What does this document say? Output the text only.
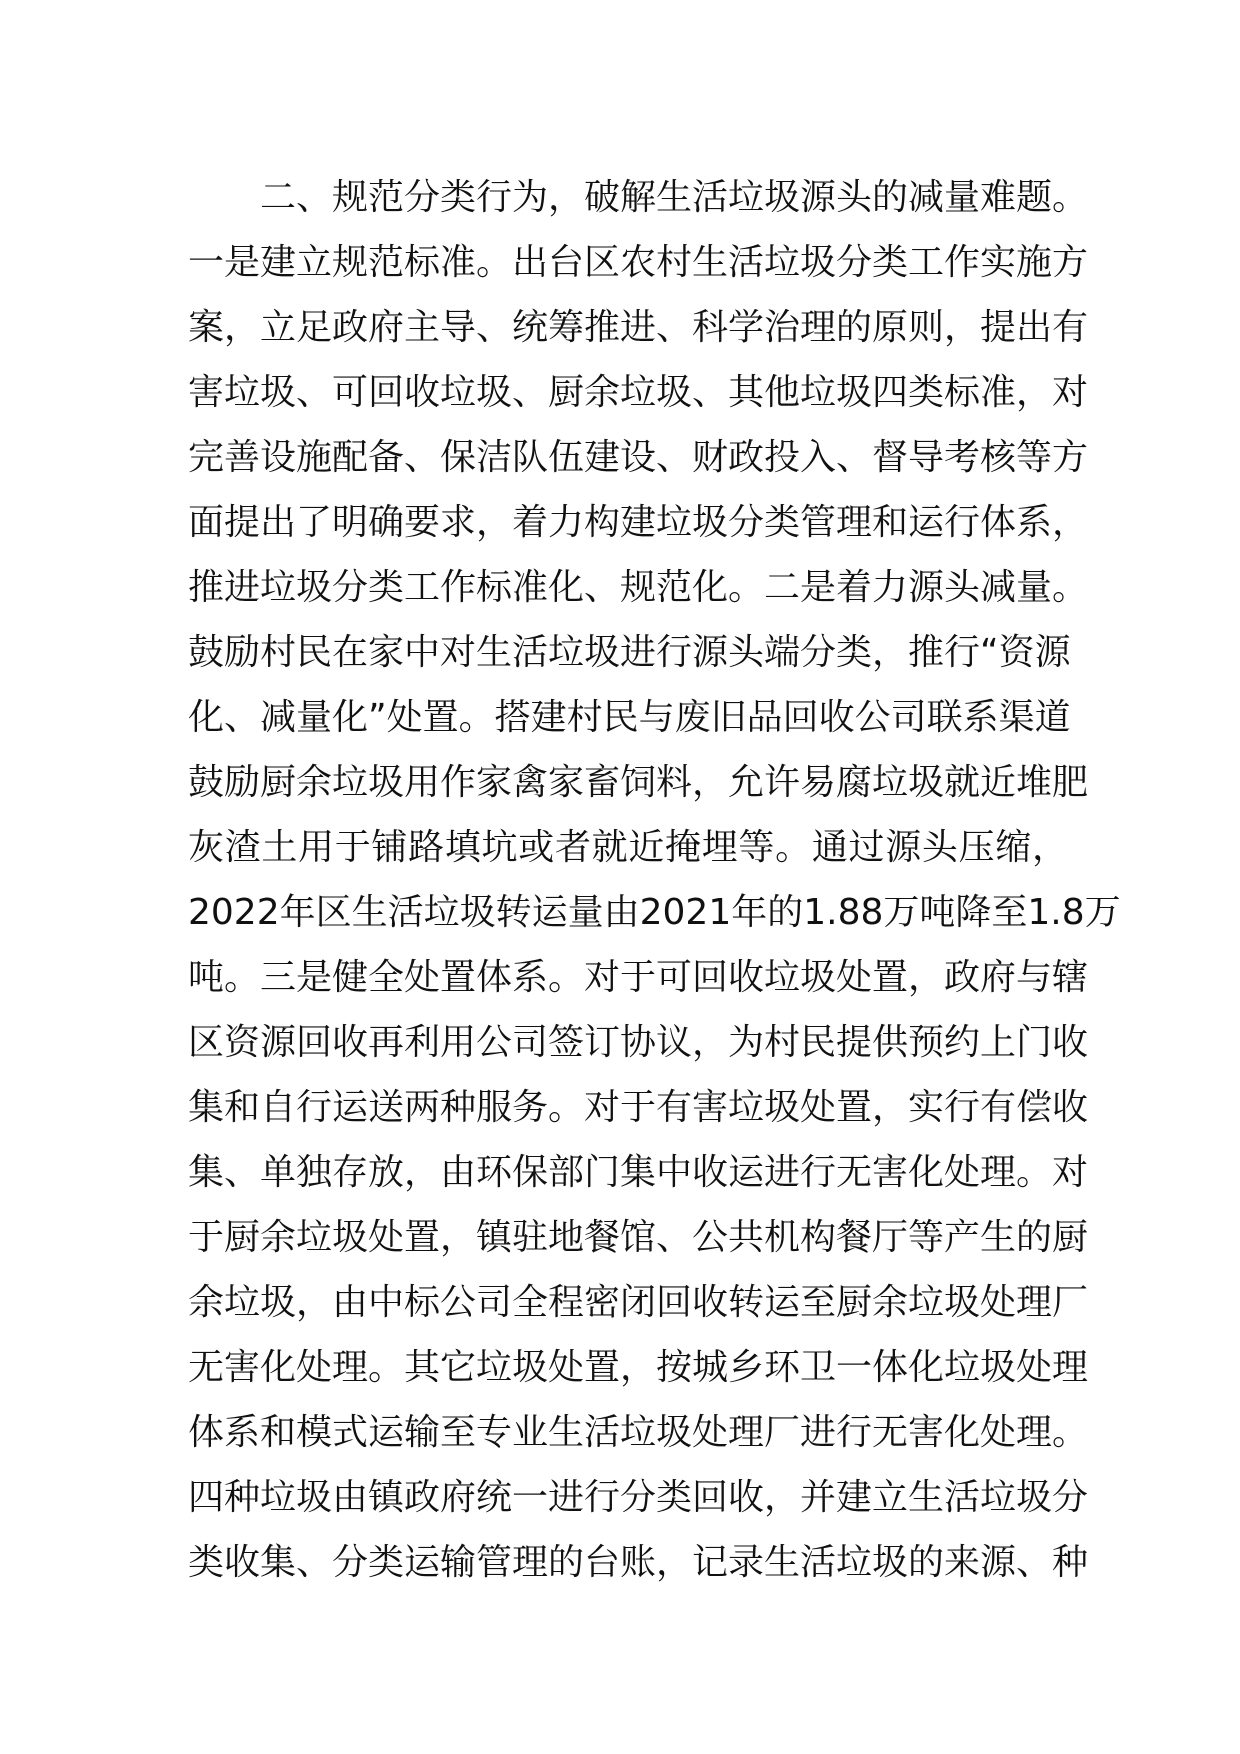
二、规范分类行为，破解生活垃圾源头的减量难题。
一是建立规范标准。出台区农村生活垃圾分类工作实施方
案，立足政府主导、统筹推进、科学治理的原则，提出有
害垃圾、可回收垃圾、厨余垃圾、其他垃圾四类标准，对
完善设施配备、保洁队伍建设、财政投入、督导考核等方
面提出了明确要求，着力构建垃圾分类管理和运行体系，
推进垃圾分类工作标准化、规范化。二是着力源头减量。
鼓励村民在家中对生活垃圾进行源头端分类，推行“资源
化、减量化”处置。搭建村民与废旧品回收公司联系渠道
鼓励厨余垃圾用作家禽家畜饲料，允许易腐垃圾就近堆肥
灰渣土用于铺路填坑或者就近掩埋等。通过源头压缩，
2022年区生活垃圾转运量由2021年的1.88万吨降至1.8万
吨。三是健全处置体系。对于可回收垃圾处置，政府与辖
区资源回收再利用公司签订协议，为村民提供预约上门收
集和自行运送两种服务。对于有害垃圾处置，实行有偿收
集、单独存放，由环保部门集中收运进行无害化处理。对
于厨余垃圾处置，镇驻地餐馆、公共机构餐厅等产生的厨
余垃圾，由中标公司全程密闭回收转运至厨余垃圾处理厂
无害化处理。其它垃圾处置，按城乡环卫一体化垃圾处理
体系和模式运输至专业生活垃圾处理厂进行无害化处理。
四种垃圾由镇政府统一进行分类回收，并建立生活垃圾分
类收集、分类运输管理的台账，记录生活垃圾的来源、种
